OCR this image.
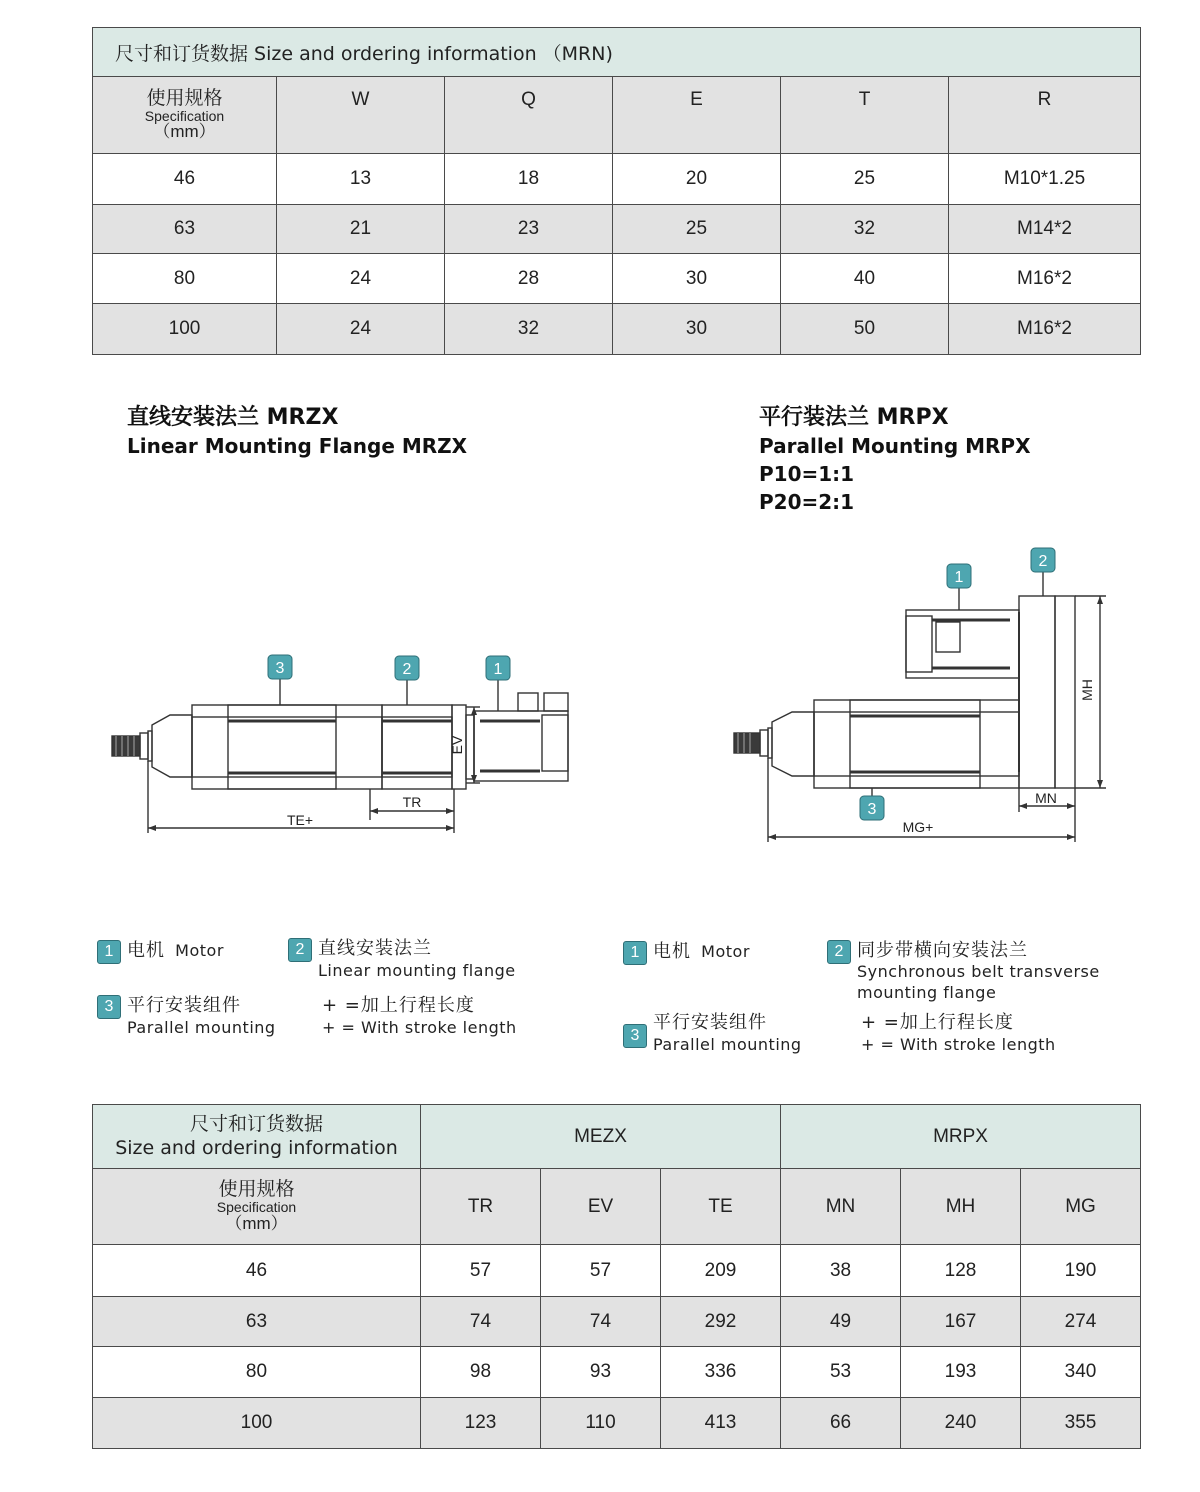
尺寸和订货数据 Size and ordering information （MRN)					

使用规格
Specification
（mm）	W	Q	E	T	R
46	13	18	20	25	M10*1.25
63	21	23	25	32	M14*2
80	24	28	30	40	M16*2
100	24	32	30	50	M16*2
直线安装法兰 MRZX
Linear Mounting Flange MRZX
平行装法兰 MRPX
Parallel Mounting MRPX
P10=1:1
P20=2:1
EV
TR
TE+
3	2	1
MH
MN
MG+
1
2
3
1 电机 Motor	2 直线安装法兰
Linear mounting flange
3 平行安装组件
Parallel mounting
+ =加上行程长度
+ = With stroke length
1 电机 Motor	2 同步带横向安装法兰
Synchronous belt transverse
mounting flange
3平行安装组件
Parallel mounting
+ =加上行程长度
+ = With stroke length
尺寸和订货数据
Size and ordering information	MEZX			MRPX		

使用规格
Specification
（mm）	TR	EV	TE	MN	MH	MG
46	57	57	209	38	128	190
63	74	74	292	49	167	274
80	98	93	336	53	193	340
100	123	110	413	66	240	355
